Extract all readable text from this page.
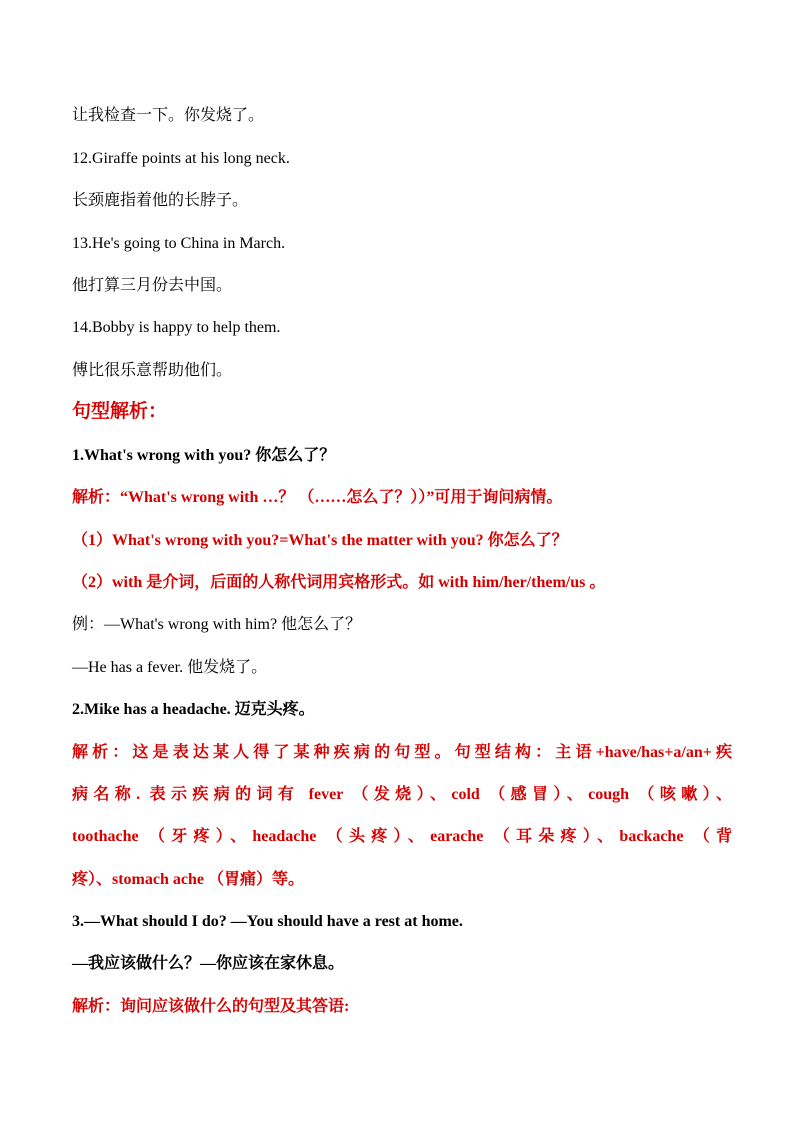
让我检查一下。你发烧了。
12.Giraffe points at his long neck.
长颈鹿指着他的长脖子。
13.He's going to China in March.
他打算三月份去中国。
14.Bobby is happy to help them.
傅比很乐意帮助他们。
句型解析：
1.What's wrong with you? 你怎么了？
解析：“What's wrong with …？ （……怎么了？））”可用于询问病情。
（1）What's wrong with you?=What's the matter with you? 你怎么了？
（2）with 是介词，后面的人称代词用宾格形式。如 with him/her/them/us 。
例：—What's wrong with him? 他怎么了？
—He has a fever. 他发烧了。
2.Mike has a headache. 迈克头疼。
解析：这是表达某人得了某种疾病的句型。句型结构：主语+have/has+a/an+疾
病名称. 表示疾病的词有 fever （发烧）、cold （感冒）、cough （咳嗽）、
toothache （牙疼）、headache （头疼）、earache （耳朵疼）、backache （背
疼）、stomach ache （胃痛）等。
3.—What should I do? —You should have a rest at home.
—我应该做什么？—你应该在家休息。
解析：询问应该做什么的句型及其答语:
